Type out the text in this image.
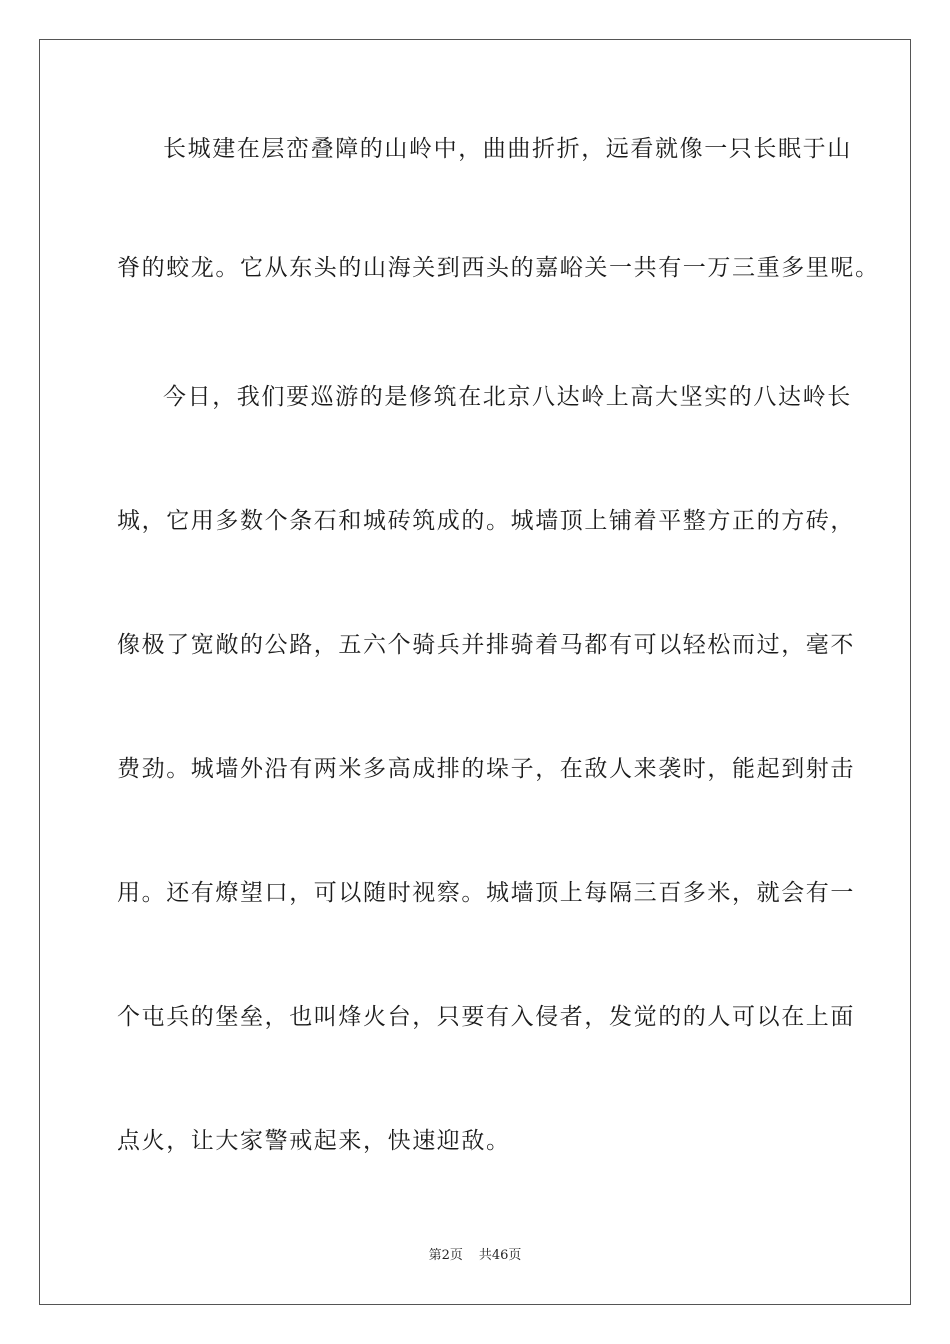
长城建在层峦叠障的山岭中，曲曲折折，远看就像一只长眠于山
脊的蛟龙。它从东头的山海关到西头的嘉峪关一共有一万三重多里呢。
今日，我们要巡游的是修筑在北京八达岭上高大坚实的八达岭长
城，它用多数个条石和城砖筑成的。城墙顶上铺着平整方正的方砖，
像极了宽敞的公路，五六个骑兵并排骑着马都有可以轻松而过，毫不
费劲。城墙外沿有两米多高成排的垛子，在敌人来袭时，能起到射击
用。还有燎望口，可以随时视察。城墙顶上每隔三百多米，就会有一
个屯兵的堡垒，也叫烽火台，只要有入侵者，发觉的的人可以在上面
点火，让大家警戒起来，快速迎敌。
第2页 共46页
